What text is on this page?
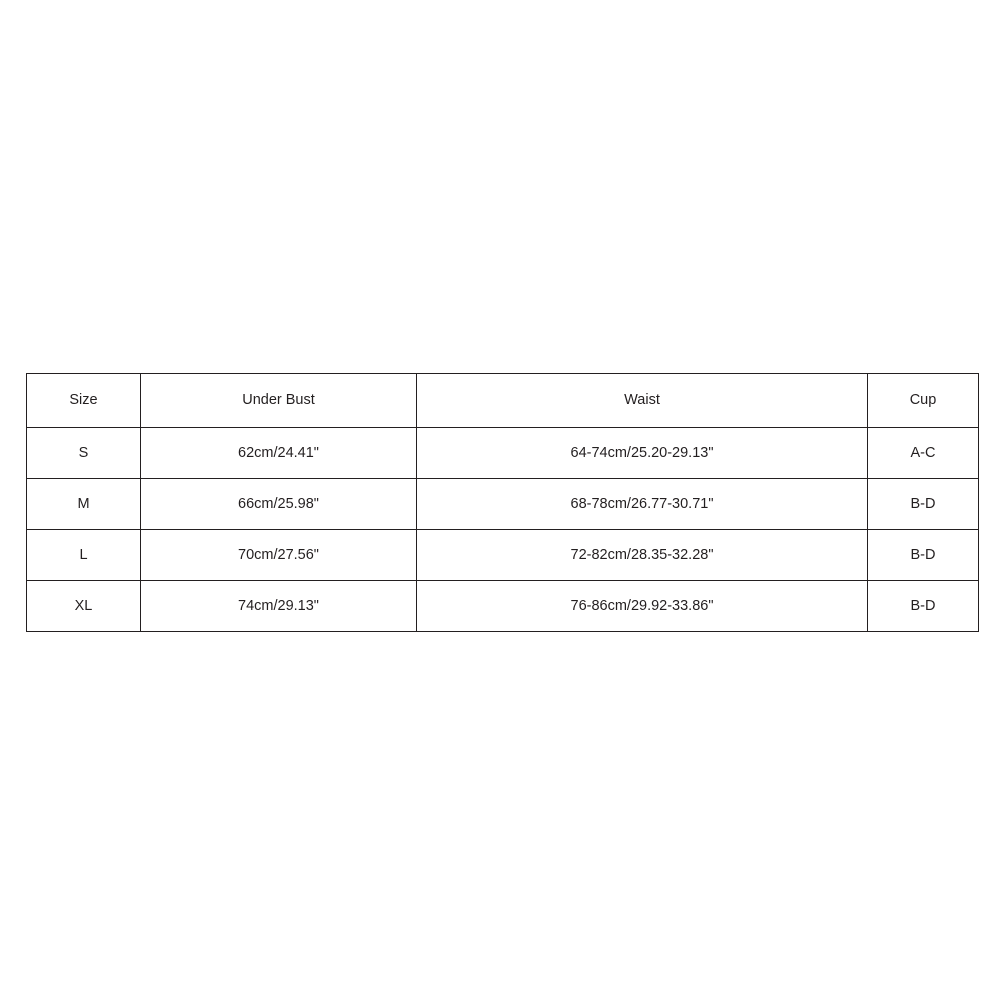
Size	Under Bust	Waist	Cup
S	62cm/24.41"	64-74cm/25.20-29.13"	A-C
M	66cm/25.98"	68-78cm/26.77-30.71"	B-D
L	70cm/27.56"	72-82cm/28.35-32.28"	B-D
XL	74cm/29.13"	76-86cm/29.92-33.86"	B-D
